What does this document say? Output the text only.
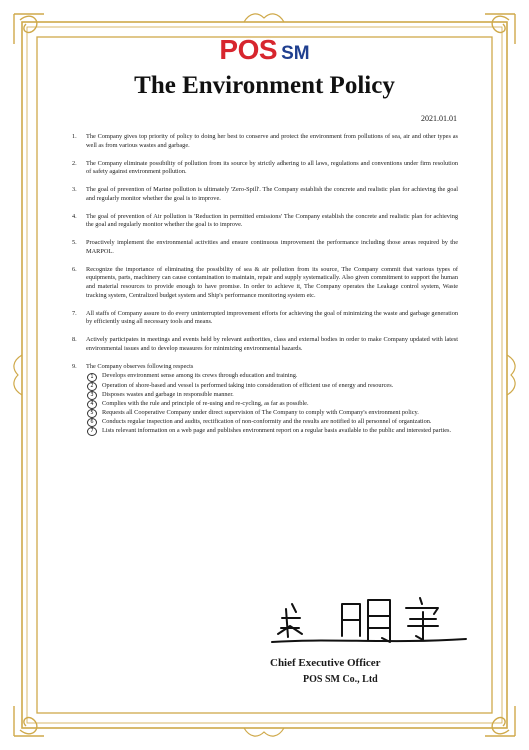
POS SM
The Environment Policy
2021.01.01
1. The Company gives top priority of policy to doing her best to conserve and protect the environment from pollutions of sea, air and other types as well as from various wastes and garbage.
2. The Company eliminate possibility of pollution from its source by strictly adhering to all laws, regulations and conventions under firm resolution of safety against environment pollution.
3. The goal of prevention of Marine pollution is ultimately 'Zero-Spill'. The Company establish the concrete and realistic plan for achieving the goal and regularly monitor whether the goal is to improve.
4. The goal of prevention of Air pollution is 'Reduction in permitted emissions' The Company establish the concrete and realistic plan for achieving the goal and regularly monitor whether the goal is to improve.
5. Proactively implement the environmental activities and ensure continuous improvement the performance including those areas required by the MARPOL.
6. Recognize the importance of eliminating the possibility of sea & air pollution from its source, The Company commit that various types of equipments, parts, machinery can cause contamination to maintain, repair and supply systematically. Also given commitment to support the human and material resources to provide enough to have promise. In order to achieve it, The Company operates the Leakage control system, Waste tracking system, Centralized budget system and Ship's performance monitoring system etc.
7. All staffs of Company assure to do every uninterrupted improvement efforts for achieving the goal of minimizing the waste and garbage generation by efficiently using all necessary tools and means.
8. Actively participates in meetings and events held by relevant authorities, class and external bodies in order to make Company updated with latest environmental issues and to develop measures for minimizing environmental hazards.
9. The Company observes following respects
1	Develops environment sense among its crews through education and training.
2	Operation of shore-based and vessel is performed taking into consideration of efficient use of energy and resources.
3	Disposes wastes and garbage in responsible manner.
4	Complies with the rule and principle of re-using and re-cycling, as far as possible.
5	Requests all Cooperative Company under direct supervision of The Company to comply with Company's environment policy.
6	Conducts regular inspection and audits, rectification of non-conformity and the results are notified to all personnel of organization.
7	Lists relevant information on a web page and publishes environment report on a regular basis available to the public and interested parties.
Chief Executive Officer
POS SM Co., Ltd
